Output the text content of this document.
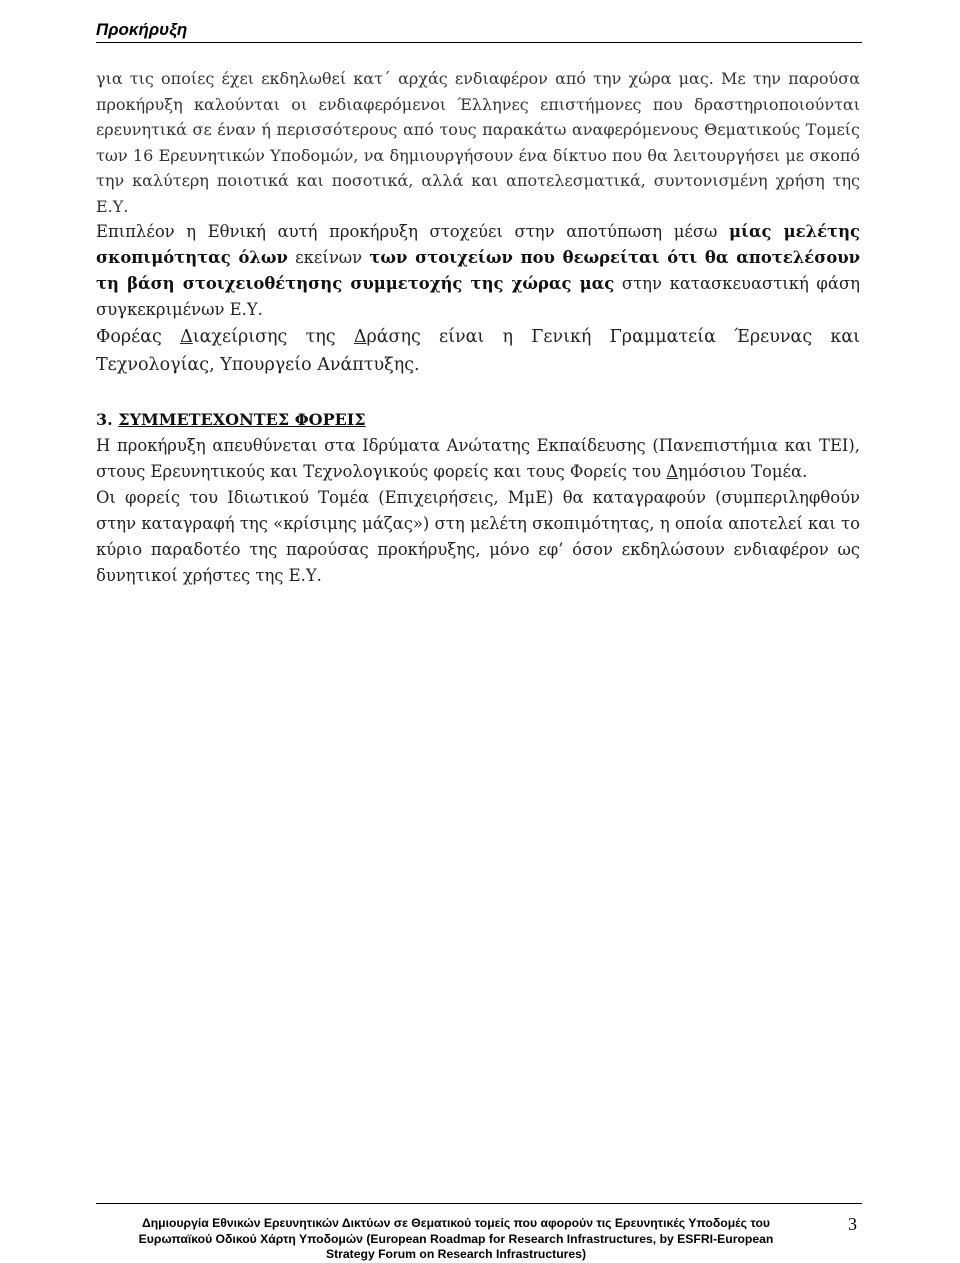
Προκήρυξη

για τις οποίες έχει εκδηλωθεί κατ΄ αρχάς ενδιαφέρον από την χώρα μας. Με την παρούσα προκήρυξη καλούνται οι ενδιαφερόμενοι Έλληνες επιστήμονες που δραστηριοποιούνται ερευνητικά σε έναν ή περισσότερους από τους παρακάτω αναφερόμενους Θεματικούς Τομείς των 16 Ερευνητικών Υποδομών, να δημιουργήσουν ένα δίκτυο που θα λειτουργήσει με σκοπό την καλύτερη ποιοτικά και ποσοτικά, αλλά και αποτελεσματικά, συντονισμένη χρήση της Ε.Υ.

Επιπλέον η Εθνική αυτή προκήρυξη στοχεύει στην αποτύπωση μέσω μίας μελέτης σκοπιμότητας όλων εκείνων των στοιχείων που θεωρείται ότι θα αποτελέσουν τη βάση στοιχειοθέτησης συμμετοχής της χώρας μας στην κατασκευαστική φάση συγκεκριμένων Ε.Υ.

Φορέας Διαχείρισης της Δράσης είναι η Γενική Γραμματεία Έρευνας και Τεχνολογίας, Υπουργείο Ανάπτυξης.

3. ΣΥΜΜΕΤΕΧΟΝΤΕΣ ΦΟΡΕΙΣ

Η προκήρυξη απευθύνεται στα Ιδρύματα Ανώτατης Εκπαίδευσης (Πανεπιστήμια και ΤΕΙ), στους Ερευνητικούς και Τεχνολογικούς φορείς και τους Φορείς του Δημόσιου Τομέα.

Οι φορείς του Ιδιωτικού Τομέα (Επιχειρήσεις, ΜμΕ) θα καταγραφούν (συμπεριληφθούν στην καταγραφή της «κρίσιμης μάζας») στη μελέτη σκοπιμότητας, η οποία αποτελεί και το κύριο παραδοτέο της παρούσας προκήρυξης, μόνο εφ’ όσον εκδηλώσουν ενδιαφέρον ως δυνητικοί χρήστες της Ε.Υ.

Δημιουργία Εθνικών Ερευνητικών Δικτύων σε Θεματικού τομείς που αφορούν τις Ερευνητικές Υποδομές του
Ευρωπαϊκού Οδικού Χάρτη Υποδομών (European Roadmap for Research Infrastructures, by ESFRI-European
Strategy Forum on Research Infrastructures)
3
